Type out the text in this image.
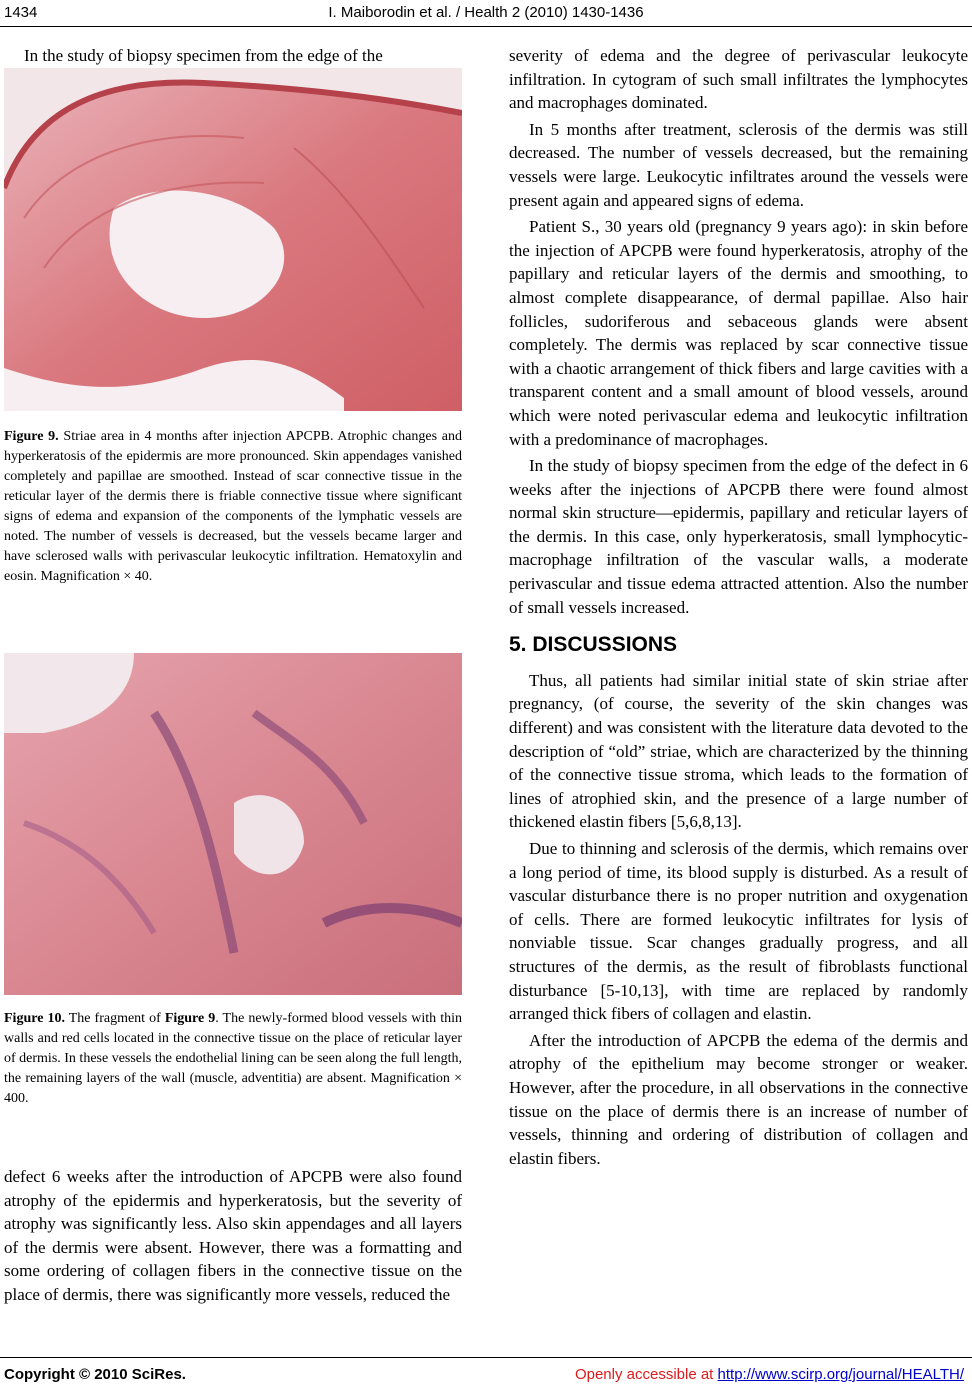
1434	I. Maiborodin et al. / Health 2 (2010) 1430-1436

In the study of biopsy specimen from the edge of the

Figure 9. Striae area in 4 months after injection APCPB. Atrophic changes and hyperkeratosis of the epidermis are more pronounced. Skin appendages vanished completely and papillae are smoothed. Instead of scar connective tissue in the reticular layer of the dermis there is friable connective tissue where significant signs of edema and expansion of the components of the lymphatic vessels are noted. The number of vessels is decreased, but the vessels became larger and have sclerosed walls with perivascular leukocytic infiltration. Hematoxylin and eosin. Magnification × 40.
Figure 10. The fragment of Figure 9. The newly-formed blood vessels with thin walls and red cells located in the connective tissue on the place of reticular layer of dermis. In these vessels the endothelial lining can be seen along the full length, the remaining layers of the wall (muscle, adventitia) are absent. Magnification × 400.

defect 6 weeks after the introduction of APCPB were also found atrophy of the epidermis and hyperkeratosis, but the severity of atrophy was significantly less. Also skin appendages and all layers of the dermis were absent. However, there was a formatting and some ordering of collagen fibers in the connective tissue on the place of dermis, there was significantly more vessels, reduced the

severity of edema and the degree of perivascular leukocyte infiltration. In cytogram of such small infiltrates the lymphocytes and macrophages dominated.

In 5 months after treatment, sclerosis of the dermis was still decreased. The number of vessels decreased, but the remaining vessels were large. Leukocytic infiltrates around the vessels were present again and appeared signs of edema.

Patient S., 30 years old (pregnancy 9 years ago): in skin before the injection of APCPB were found hyperkeratosis, atrophy of the papillary and reticular layers of the dermis and smoothing, to almost complete disappearance, of dermal papillae. Also hair follicles, sudoriferous and sebaceous glands were absent completely. The dermis was replaced by scar connective tissue with a chaotic arrangement of thick fibers and large cavities with a transparent content and a small amount of blood vessels, around which were noted perivascular edema and leukocytic infiltration with a predominance of macrophages.

In the study of biopsy specimen from the edge of the defect in 6 weeks after the injections of APCPB there were found almost normal skin structure—epidermis, papillary and reticular layers of the dermis. In this case, only hyperkeratosis, small lymphocytic-macrophage infiltration of the vascular walls, a moderate perivascular and tissue edema attracted attention. Also the number of small vessels increased.

5. DISCUSSIONS

Thus, all patients had similar initial state of skin striae after pregnancy, (of course, the severity of the skin changes was different) and was consistent with the literature data devoted to the description of “old” striae, which are characterized by the thinning of the connective tissue stroma, which leads to the formation of lines of atrophied skin, and the presence of a large number of thickened elastin fibers [5,6,8,13].

Due to thinning and sclerosis of the dermis, which remains over a long period of time, its blood supply is disturbed. As a result of vascular disturbance there is no proper nutrition and oxygenation of cells. There are formed leukocytic infiltrates for lysis of nonviable tissue. Scar changes gradually progress, and all structures of the dermis, as the result of fibroblasts functional disturbance [5-10,13], with time are replaced by randomly arranged thick fibers of collagen and elastin.

After the introduction of APCPB the edema of the dermis and atrophy of the epithelium may become stronger or weaker. However, after the procedure, in all observations in the connective tissue on the place of dermis there is an increase of number of vessels, thinning and ordering of distribution of collagen and elastin fibers.

Copyright © 2010 SciRes.	Openly accessible at http://www.scirp.org/journal/HEALTH/
